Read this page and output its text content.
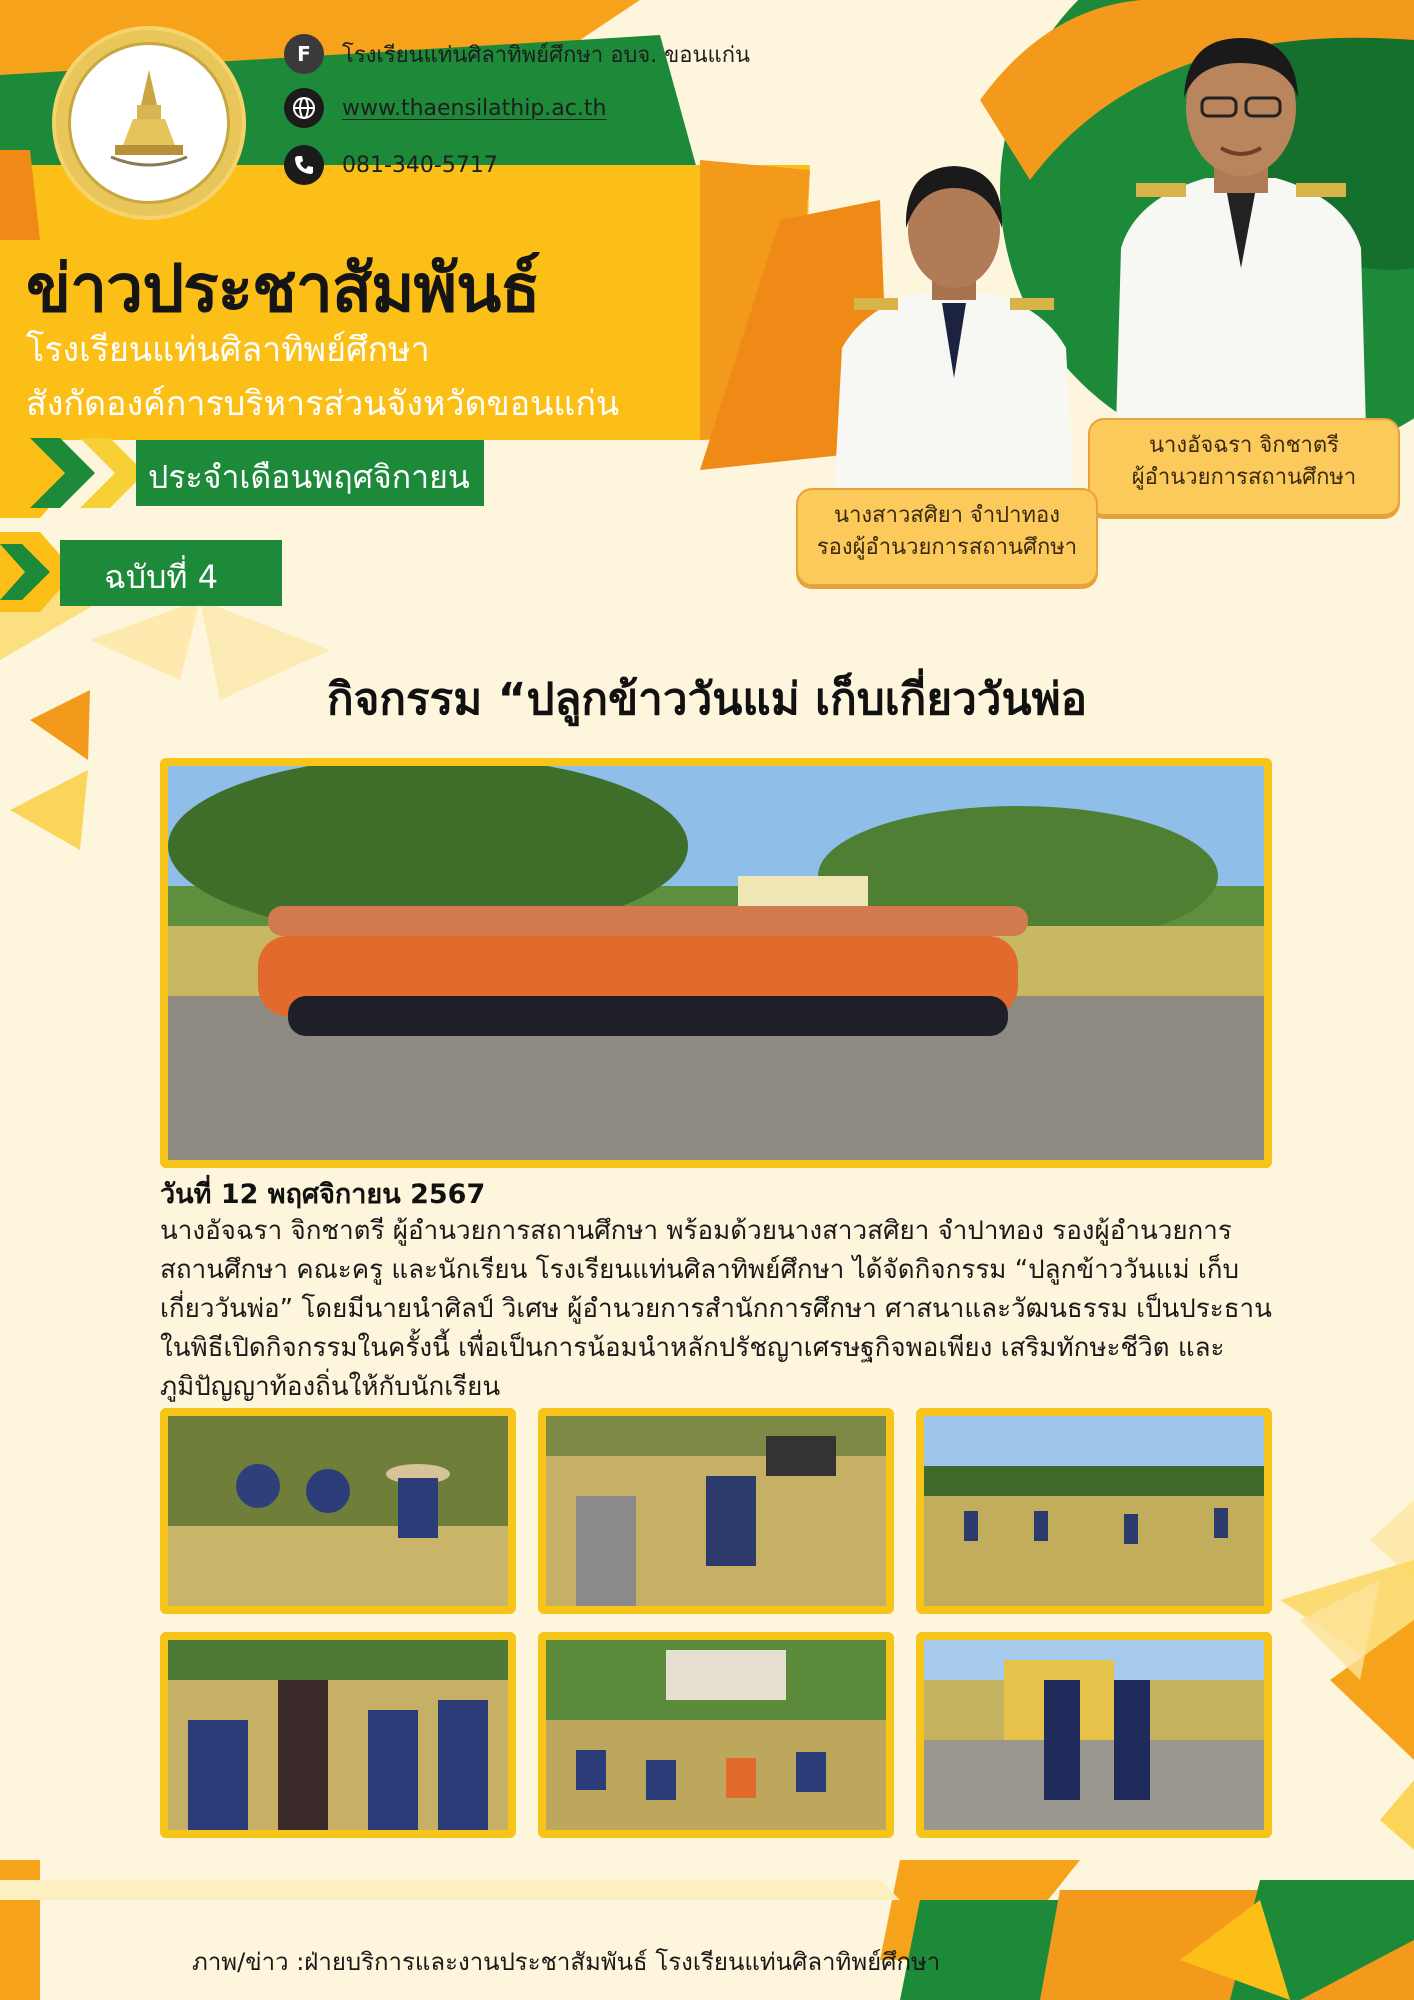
F	โรงเรียนแท่นศิลาทิพย์ศึกษา อบจ. ขอนแก่น
www.thaensilathip.ac.th
081-340-5717
ข่าวประชาสัมพันธ์
โรงเรียนแท่นศิลาทิพย์ศึกษา
สังกัดองค์การบริหารส่วนจังหวัดขอนแก่น
ประจำเดือนพฤศจิกายน
ฉบับที่ 4
นางอัจฉรา จิกชาตรี
ผู้อำนวยการสถานศึกษา
นางสาวสศิยา จำปาทอง
รองผู้อำนวยการสถานศึกษา
กิจกรรม “ปลูกข้าววันแม่ เก็บเกี่ยววันพ่อ
วันที่ 12 พฤศจิกายน 2567
นางอัจฉรา จิกชาตรี ผู้อำนวยการสถานศึกษา พร้อมด้วยนางสาวสศิยา จำปาทอง รองผู้อำนวยการ
สถานศึกษา คณะครู และนักเรียน โรงเรียนแท่นศิลาทิพย์ศึกษา ได้จัดกิจกรรม “ปลูกข้าววันแม่ เก็บ
เกี่ยววันพ่อ” โดยมีนายนำศิลป์ วิเศษ ผู้อำนวยการสำนักการศึกษา ศาสนาและวัฒนธรรม เป็นประธาน
ในพิธีเปิดกิจกรรมในครั้งนี้ เพื่อเป็นการน้อมนำหลักปรัชญาเศรษฐกิจพอเพียง เสริมทักษะชีวิต และ
ภูมิปัญญาท้องถิ่นให้กับนักเรียน
ภาพ/ข่าว :ฝ่ายบริการและงานประชาสัมพันธ์ โรงเรียนแท่นศิลาทิพย์ศึกษา
